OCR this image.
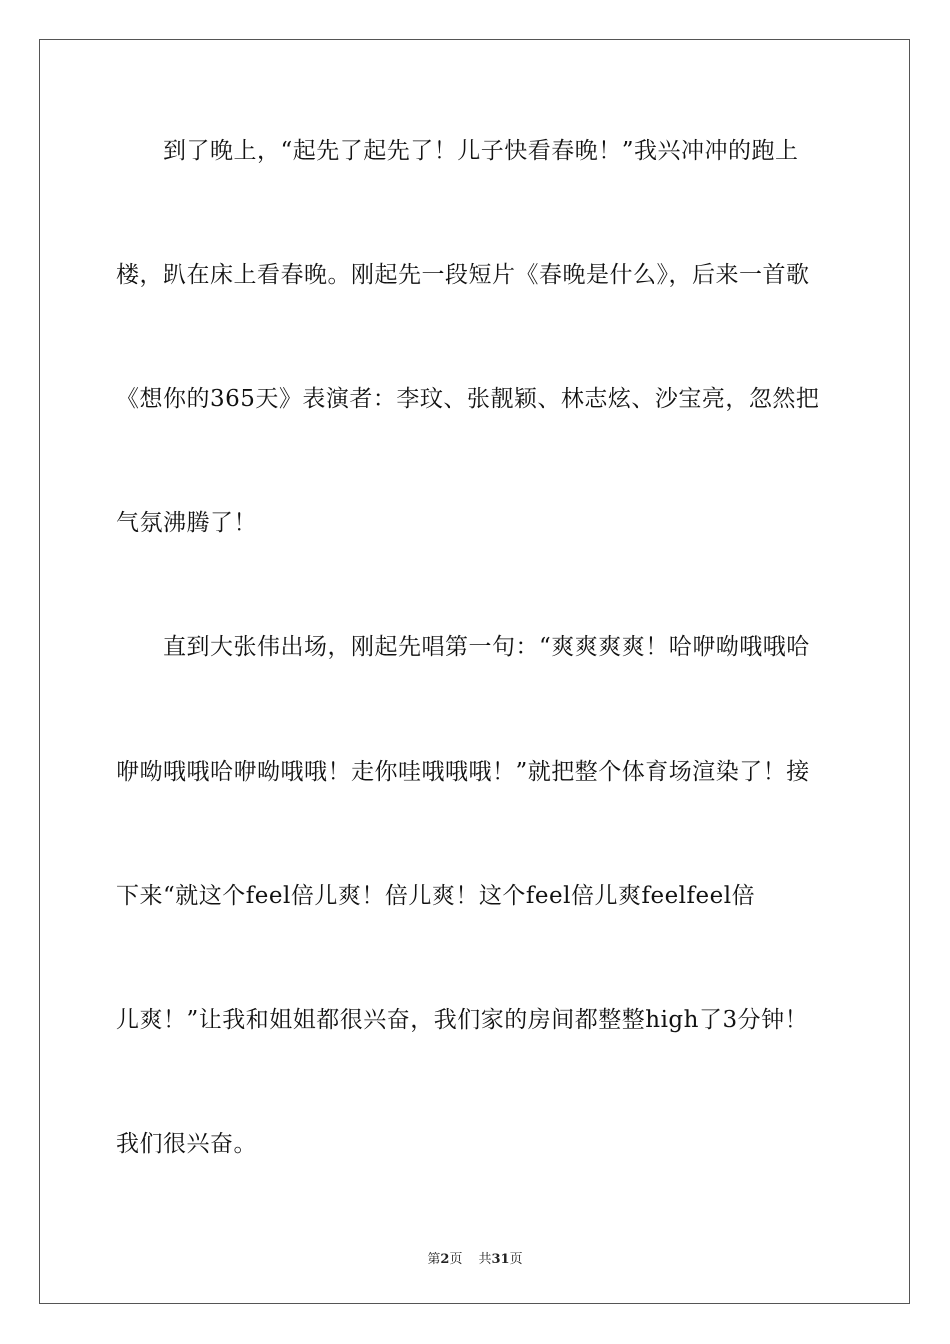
到了晚上，“起先了起先了！儿子快看春晚！”我兴冲冲的跑上
楼，趴在床上看春晚。刚起先一段短片《春晚是什么》，后来一首歌
《想你的365天》表演者：李玟、张靓颖、林志炫、沙宝亮，忽然把
气氛沸腾了！
直到大张伟出场，刚起先唱第一句：“爽爽爽爽！哈咿呦哦哦哈
咿呦哦哦哈咿呦哦哦！走你哇哦哦哦！”就把整个体育场渲染了！接
下来“就这个feel倍儿爽！倍儿爽！这个feel倍儿爽feelfeel倍
儿爽！”让我和姐姐都很兴奋，我们家的房间都整整high了3分钟！
我们很兴奋。
第2页 共31页
